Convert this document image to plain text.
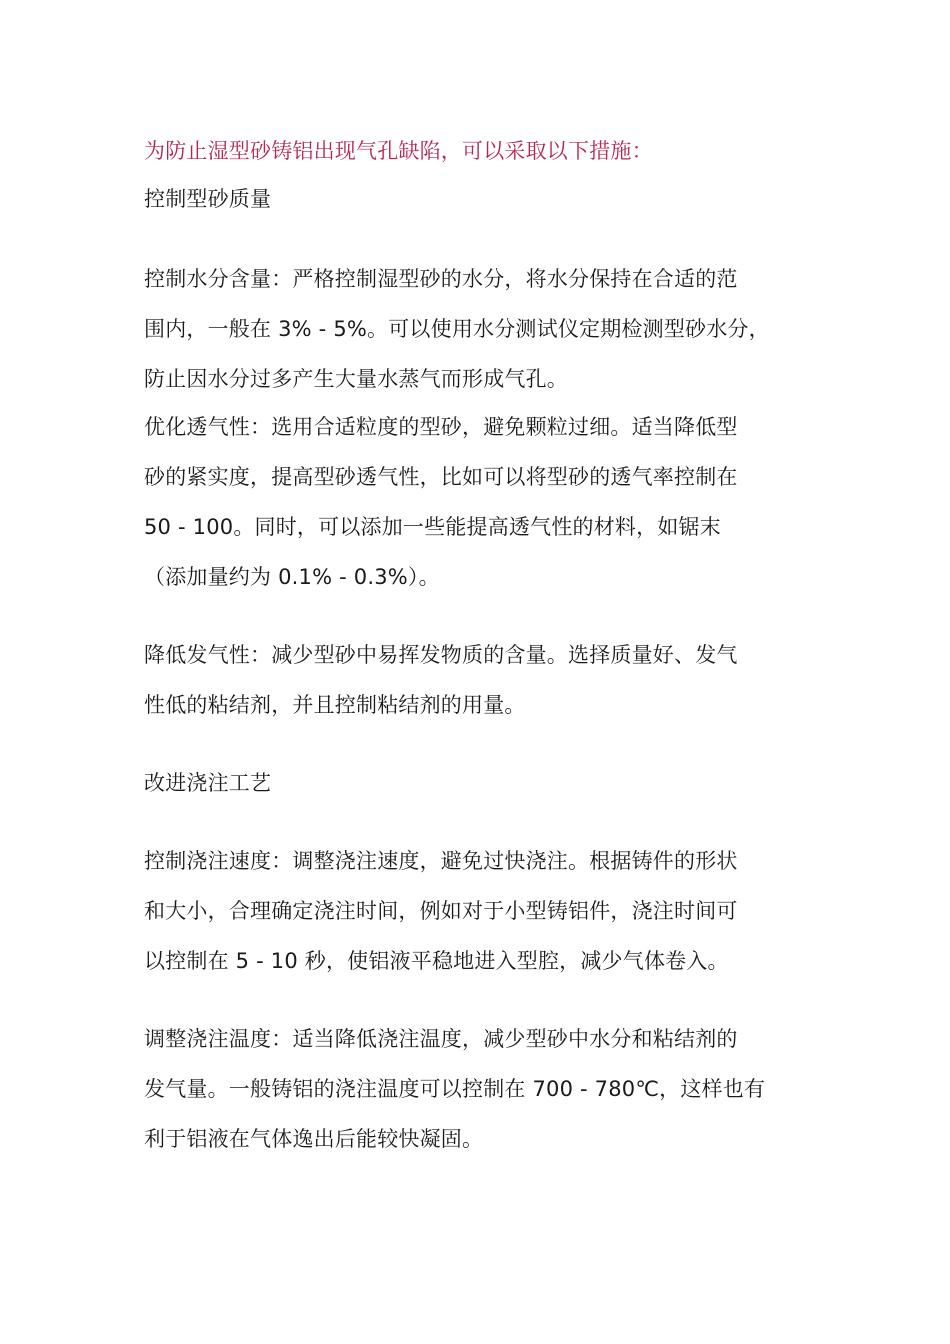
为防止湿型砂铸铝出现气孔缺陷，可以采取以下措施：
控制型砂质量
控制水分含量：严格控制湿型砂的水分，将水分保持在合适的范
围内，一般在 3% - 5%。可以使用水分测试仪定期检测型砂水分，
防止因水分过多产生大量水蒸气而形成气孔。
优化透气性：选用合适粒度的型砂，避免颗粒过细。适当降低型
砂的紧实度，提高型砂透气性，比如可以将型砂的透气率控制在
50 - 100。同时，可以添加一些能提高透气性的材料，如锯末
（添加量约为 0.1% - 0.3%）。
降低发气性：减少型砂中易挥发物质的含量。选择质量好、发气
性低的粘结剂，并且控制粘结剂的用量。
改进浇注工艺
控制浇注速度：调整浇注速度，避免过快浇注。根据铸件的形状
和大小，合理确定浇注时间，例如对于小型铸铝件，浇注时间可
以控制在 5 - 10 秒，使铝液平稳地进入型腔，减少气体卷入。
调整浇注温度：适当降低浇注温度，减少型砂中水分和粘结剂的
发气量。一般铸铝的浇注温度可以控制在 700 - 780℃，这样也有
利于铝液在气体逸出后能较快凝固。
